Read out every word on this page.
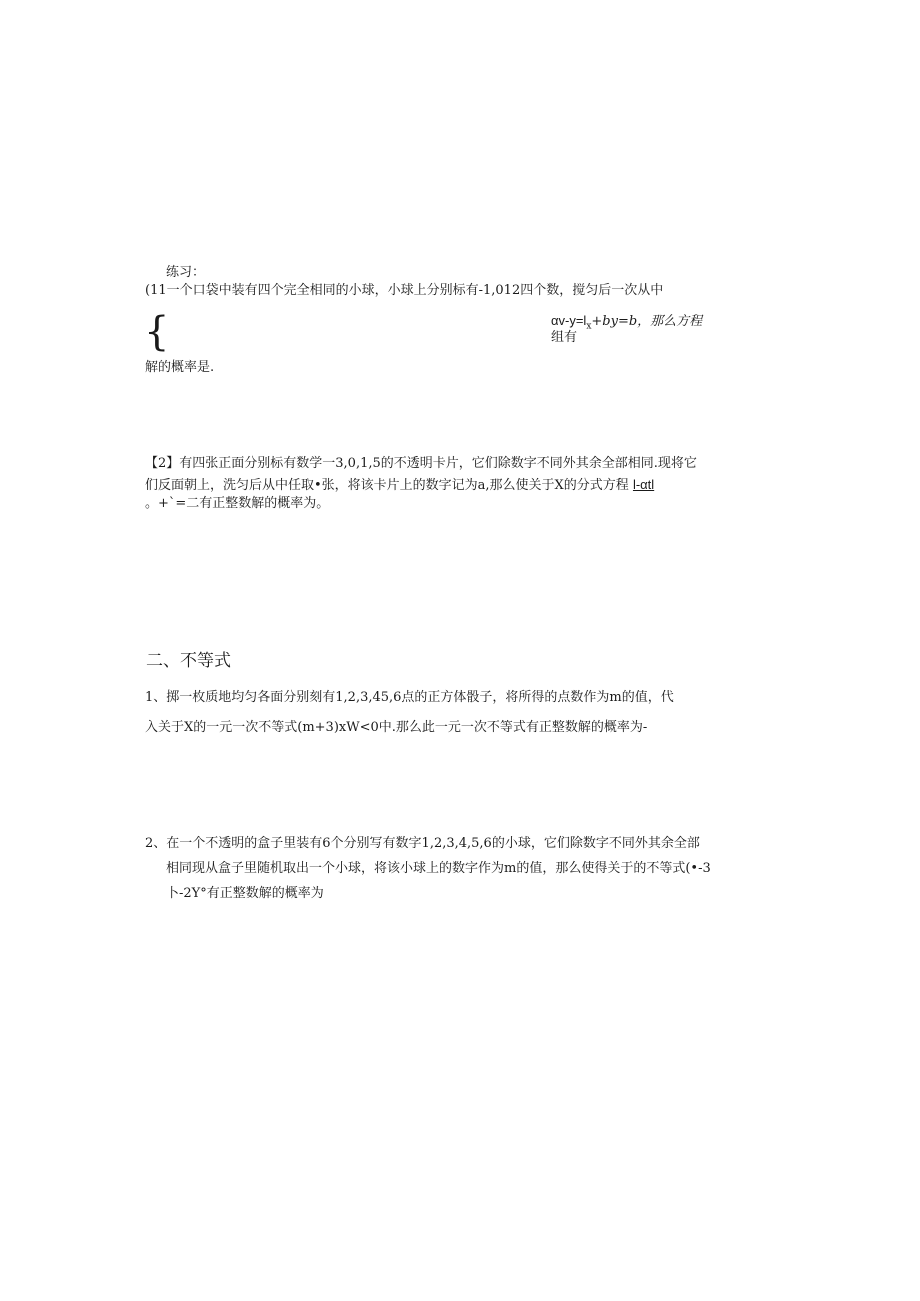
练习：
(11一个口袋中装有四个完全相同的小球，小球上分别标有-1,012四个数，搅匀后一次从中
{	$\alpha v-y=l_x+by=b$，那么方程
组有
解的概率是.
【2】有四张正面分别标有数学一3,0,1,5的不透明卡片，它们除数字不同外其余全部相同.现将它
们反面朝上，洗匀后从中任取•张，将该卡片上的数字记为a,那么使关于X的分式方程 l-αtl
。+ˋ=二有正整数解的概率为。
二、不等式
1、掷一枚质地均匀各面分别刻有1,2,3,45,6点的正方体骰子，将所得的点数作为m的值，代
入关于X的一元一次不等式(m+3)xW<0中.那么此一元一次不等式有正整数解的概率为-
2、在一个不透明的盒子里装有6个分别写有数字1,2,3,4,5,6的小球，它们除数字不同外其余全部
相同现从盒子里随机取出一个小球，将该小球上的数字作为m的值，那么使得关于的不等式(•-3
卜-2Y°有正整数解的概率为
